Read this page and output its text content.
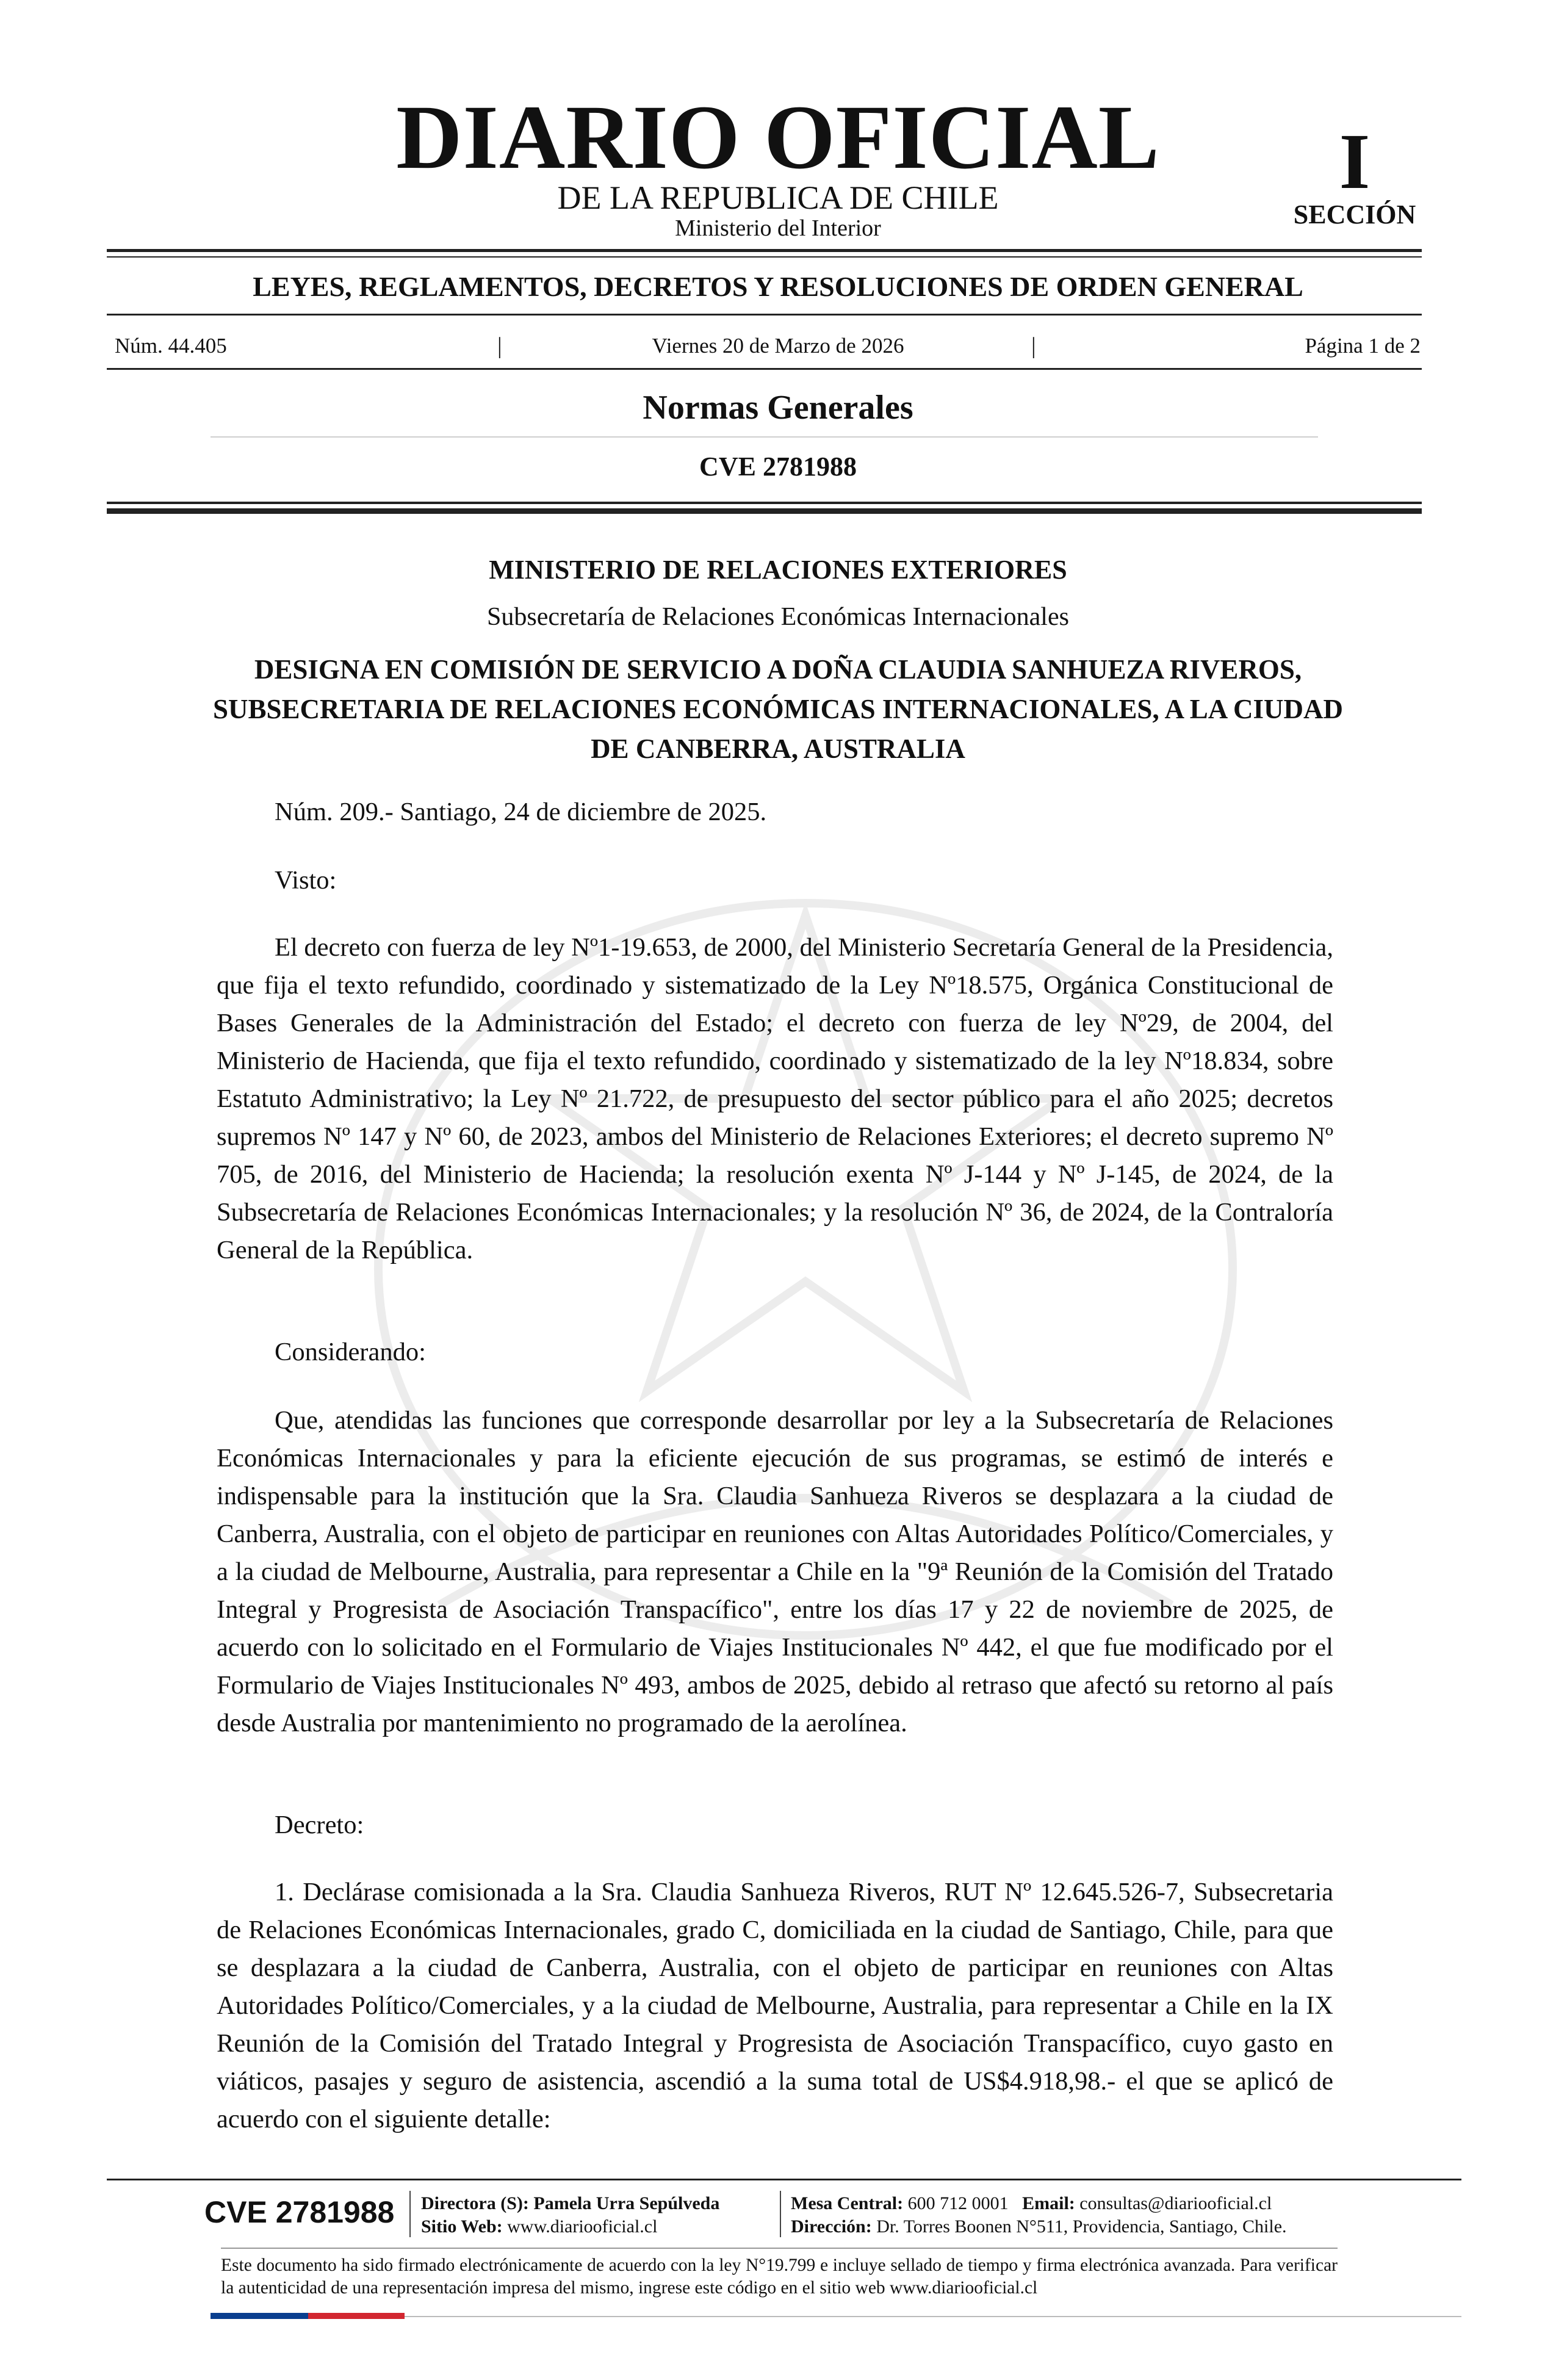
DIARIO OFICIAL
DE LA REPUBLICA DE CHILE
Ministerio del Interior
I
SECCIÓN
LEYES, REGLAMENTOS, DECRETOS Y RESOLUCIONES DE ORDEN GENERAL
Núm. 44.405	|	Viernes 20 de Marzo de 2026	|	Página 1 de 2
Normas Generales
CVE 2781988
MINISTERIO DE RELACIONES EXTERIORES
Subsecretaría de Relaciones Económicas Internacionales
DESIGNA EN COMISIÓN DE SERVICIO A DOÑA CLAUDIA SANHUEZA RIVEROS, SUBSECRETARIA DE RELACIONES ECONÓMICAS INTERNACIONALES, A LA CIUDAD DE CANBERRA, AUSTRALIA
Núm. 209.- Santiago, 24 de diciembre de 2025.
Visto:

El decreto con fuerza de ley Nº1-19.653, de 2000, del Ministerio Secretaría General de la Presidencia, que fija el texto refundido, coordinado y sistematizado de la Ley Nº18.575, Orgánica Constitucional de Bases Generales de la Administración del Estado; el decreto con fuerza de ley Nº29, de 2004, del Ministerio de Hacienda, que fija el texto refundido, coordinado y sistematizado de la ley Nº18.834, sobre Estatuto Administrativo; la Ley Nº 21.722, de presupuesto del sector público para el año 2025; decretos supremos Nº 147 y Nº 60, de 2023, ambos del Ministerio de Relaciones Exteriores; el decreto supremo Nº 705, de 2016, del Ministerio de Hacienda; la resolución exenta Nº J-144 y Nº J-145, de 2024, de la Subsecretaría de Relaciones Económicas Internacionales; y la resolución Nº 36, de 2024, de la Contraloría General de la República.

Considerando:

Que, atendidas las funciones que corresponde desarrollar por ley a la Subsecretaría de Relaciones Económicas Internacionales y para la eficiente ejecución de sus programas, se estimó de interés e indispensable para la institución que la Sra. Claudia Sanhueza Riveros se desplazara a la ciudad de Canberra, Australia, con el objeto de participar en reuniones con Altas Autoridades Político/Comerciales, y a la ciudad de Melbourne, Australia, para representar a Chile en la "9ª Reunión de la Comisión del Tratado Integral y Progresista de Asociación Transpacífico", entre los días 17 y 22 de noviembre de 2025, de acuerdo con lo solicitado en el Formulario de Viajes Institucionales Nº 442, el que fue modificado por el Formulario de Viajes Institucionales Nº 493, ambos de 2025, debido al retraso que afectó su retorno al país desde Australia por mantenimiento no programado de la aerolínea.

Decreto:

1. Declárase comisionada a la Sra. Claudia Sanhueza Riveros, RUT Nº 12.645.526-7, Subsecretaria de Relaciones Económicas Internacionales, grado C, domiciliada en la ciudad de Santiago, Chile, para que se desplazara a la ciudad de Canberra, Australia, con el objeto de participar en reuniones con Altas Autoridades Político/Comerciales, y a la ciudad de Melbourne, Australia, para representar a Chile en la IX Reunión de la Comisión del Tratado Integral y Progresista de Asociación Transpacífico, cuyo gasto en viáticos, pasajes y seguro de asistencia, ascendió a la suma total de US$4.918,98.- el que se aplicó de acuerdo con el siguiente detalle:

CVE 2781988 Directora (S): Pamela Urra Sepúlveda
Sitio Web: www.diariooficial.cl
Mesa Central: 600 712 0001 Email: consultas@diariooficial.cl
Dirección: Dr. Torres Boonen N°511, Providencia, Santiago, Chile.
Este documento ha sido firmado electrónicamente de acuerdo con la ley N°19.799 e incluye sellado de tiempo y firma electrónica avanzada. Para verificar la autenticidad de una representación impresa del mismo, ingrese este código en el sitio web www.diariooficial.cl
